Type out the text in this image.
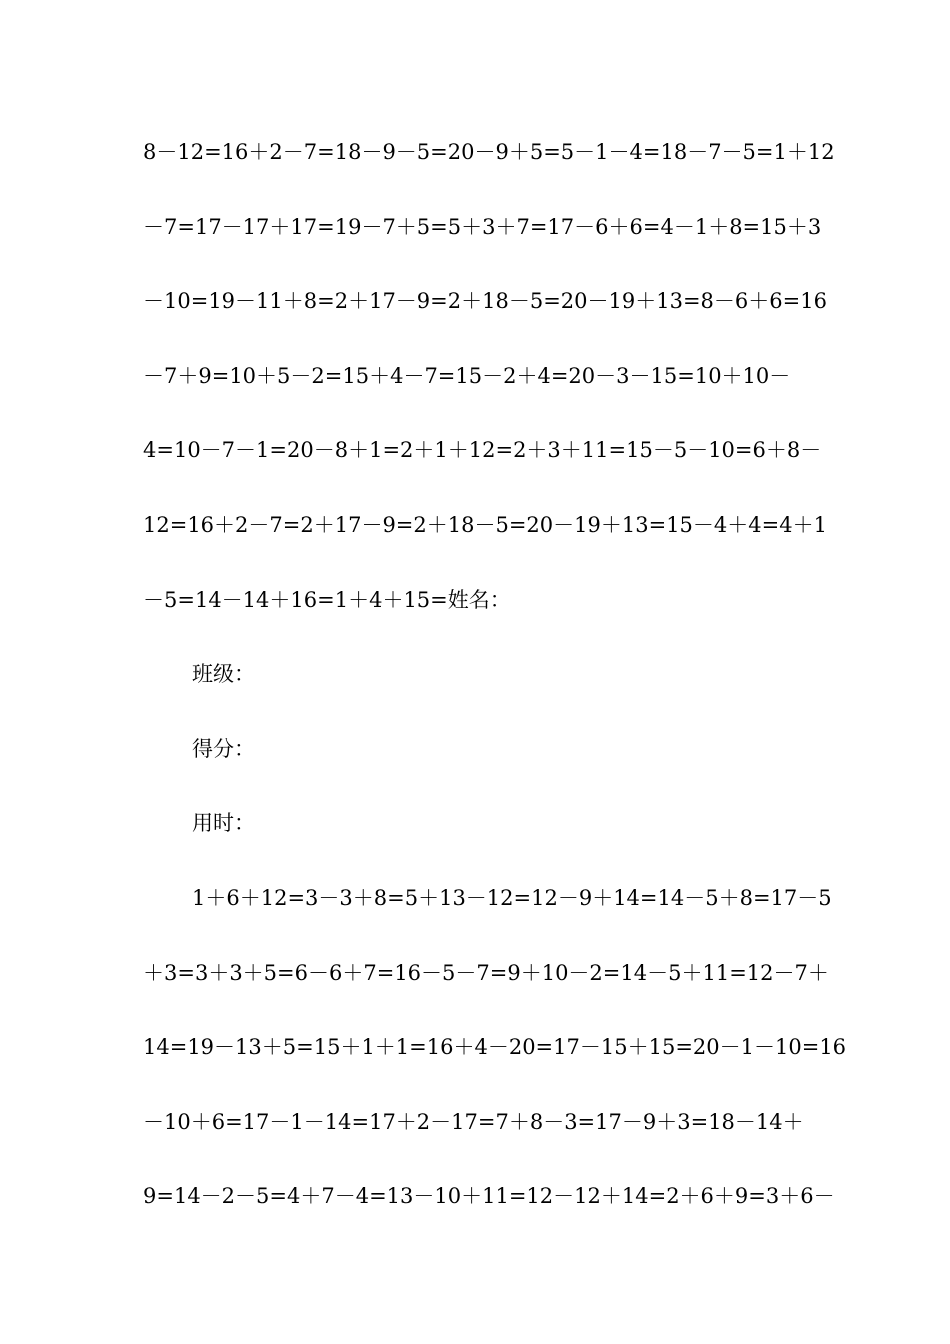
8－12=16＋2－7=18－9－5=20－9＋5=5－1－4=18－7－5=1＋12
－7=17－17＋17=19－7＋5=5＋3＋7=17－6＋6=4－1＋8=15＋3
－10=19－11＋8=2＋17－9=2＋18－5=20－19＋13=8－6＋6=16
－7＋9=10＋5－2=15＋4－7=15－2＋4=20－3－15=10＋10－
4=10－7－1=20－8＋1=2＋1＋12=2＋3＋11=15－5－10=6＋8－
12=16＋2－7=2＋17－9=2＋18－5=20－19＋13=15－4＋4=4＋1
－5=14－14＋16=1＋4＋15=姓名：
班级：
得分：
用时：
1＋6＋12=3－3＋8=5＋13－12=12－9＋14=14－5＋8=17－5
＋3=3＋3＋5=6－6＋7=16－5－7=9＋10－2=14－5＋11=12－7＋
14=19－13＋5=15＋1＋1=16＋4－20=17－15＋15=20－1－10=16
－10＋6=17－1－14=17＋2－17=7＋8－3=17－9＋3=18－14＋
9=14－2－5=4＋7－4=13－10＋11=12－12＋14=2＋6＋9=3＋6－
